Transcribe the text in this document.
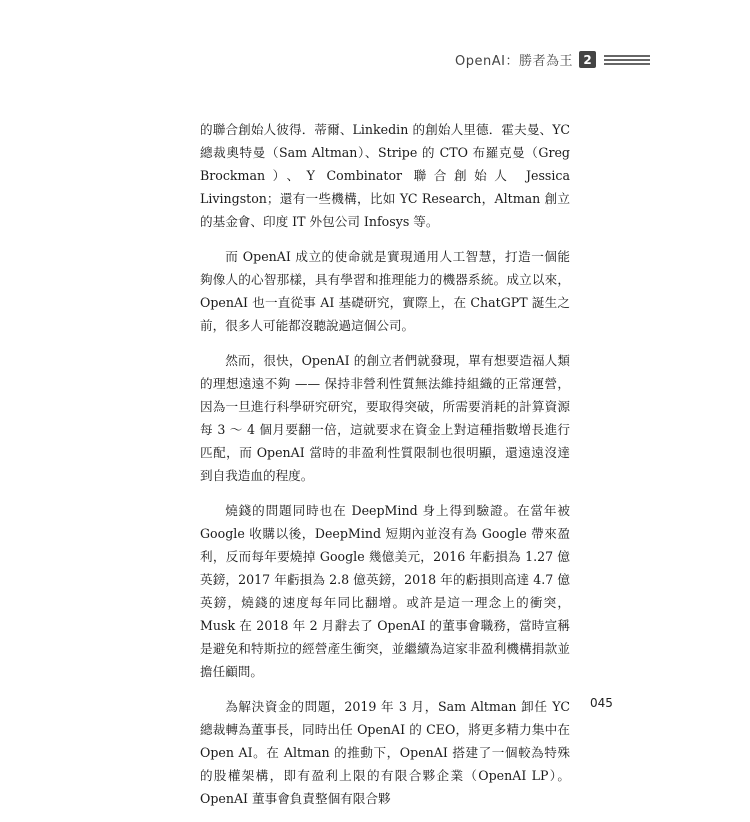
OpenAI：勝者為王 2

的聯合創始人彼得．蒂爾、Linkedin 的創始人里德．霍夫曼、YC 總裁奧特曼（Sam Altman）、Stripe 的 CTO 布羅克曼（Greg Brockman）、Y Combinator 聯合創始人 Jessica Livingston；還有一些機構，比如 YC Research，Altman 創立的基金會、印度 IT 外包公司 Infosys 等。

而 OpenAI 成立的使命就是實現通用人工智慧，打造一個能夠像人的心智那樣，具有學習和推理能力的機器系統。成立以來，OpenAI 也一直從事 AI 基礎研究，實際上，在 ChatGPT 誕生之前，很多人可能都沒聽說過這個公司。

然而，很快，OpenAI 的創立者們就發現，單有想要造福人類的理想遠遠不夠 —— 保持非營利性質無法維持組織的正常運營，因為一旦進行科學研究研究，要取得突破，所需要消耗的計算資源每 3 ～ 4 個月要翻一倍，這就要求在資金上對這種指數增長進行匹配，而 OpenAI 當時的非盈利性質限制也很明顯，還遠遠沒達到自我造血的程度。

燒錢的問題同時也在 DeepMind 身上得到驗證。在當年被 Google 收購以後，DeepMind 短期內並沒有為 Google 帶來盈利，反而每年要燒掉 Google 幾億美元，2016 年虧損為 1.27 億英鎊，2017 年虧損為 2.8 億英鎊，2018 年的虧損則高達 4.7 億英鎊，燒錢的速度每年同比翻增。或許是這一理念上的衝突，Musk 在 2018 年 2 月辭去了 OpenAI 的董事會職務，當時宣稱是避免和特斯拉的經營產生衝突，並繼續為這家非盈利機構捐款並擔任顧問。

為解決資金的問題，2019 年 3 月，Sam Altman 卸任 YC 總裁轉為董事長，同時出任 OpenAI 的 CEO，將更多精力集中在 Open AI。在 Altman 的推動下，OpenAI 搭建了一個較為特殊的股權架構，即有盈利上限的有限合夥企業（OpenAI LP）。OpenAI 董事會負責整個有限合夥

045
